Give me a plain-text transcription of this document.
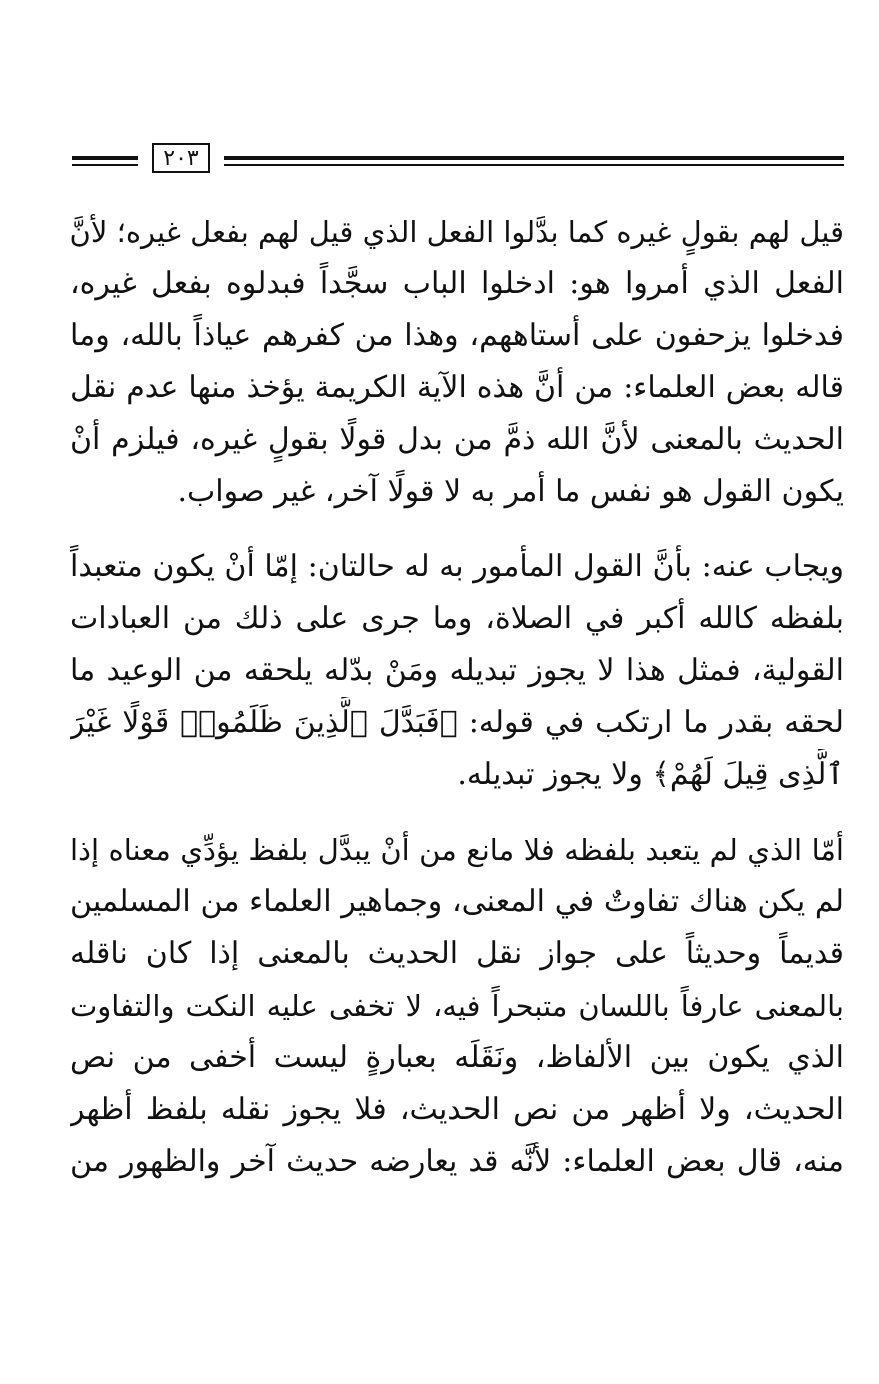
٢٠٣

قيل لهم بقولٍ غيره كما بدَّلوا الفعل الذي قيل لهم بفعل غيره؛ لأنَّ
الفعل الذي أمروا هو: ادخلوا الباب سجَّداً فبدلوه بفعل غيره،
فدخلوا يزحفون على أستاههم، وهذا من كفرهم عياذاً بالله، وما
قاله بعض العلماء: من أنَّ هذه الآية الكريمة يؤخذ منها عدم نقل
الحديث بالمعنى لأنَّ الله ذمَّ من بدل قولًا بقولٍ غيره، فيلزم أنْ
يكون القول هو نفس ما أمر به لا قولًا آخر، غير صواب.

ويجاب عنه: بأنَّ القول المأمور به له حالتان: إمّا أنْ يكون متعبداً
بلفظه كالله أكبر في الصلاة، وما جرى على ذلك من العبادات
القولية، فمثل هذا لا يجوز تبديله ومَنْ بدّله يلحقه من الوعيد ما
لحقه بقدر ما ارتكب في قوله: ﴿فَبَدَّلَ ٱلَّذِينَ ظَلَمُوا۟ قَوْلًا غَيْرَ
ٱلَّذِى قِيلَ لَهُمْ﴾ ولا يجوز تبديله.

أمّا الذي لم يتعبد بلفظه فلا مانع من أنْ يبدَّل بلفظ يؤدِّي معناه إذا
لم يكن هناك تفاوتٌ في المعنى، وجماهير العلماء من المسلمين
قديماً وحديثاً على جواز نقل الحديث بالمعنى إذا كان ناقله
بالمعنى عارفاً باللسان متبحراً فيه، لا تخفى عليه النكت والتفاوت
الذي يكون بين الألفاظ، ونَقَلَه بعبارةٍ ليست أخفى من نص
الحديث، ولا أظهر من نص الحديث، فلا يجوز نقله بلفظ أظهر
منه، قال بعض العلماء: لأنَّه قد يعارضه حديث آخر والظهور من
